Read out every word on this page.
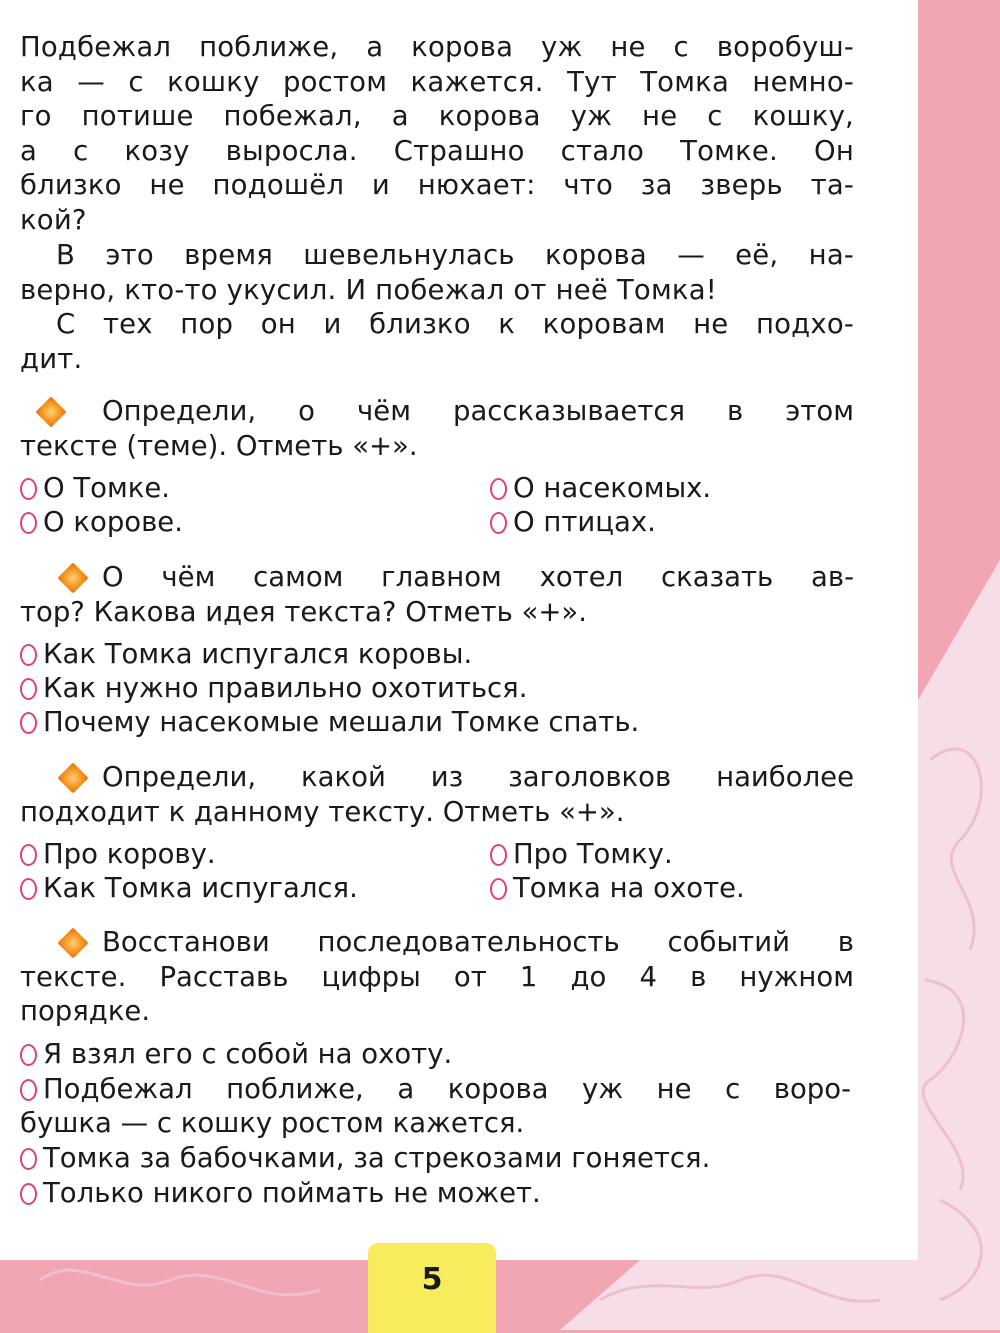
Подбежал поближе, а корова уж не с воробуш-
ка — с кошку ростом кажется. Тут Томка немно-
го потише побежал, а корова уж не с кошку,
а с козу выросла. Страшно стало Томке. Он
близко не подошёл и нюхает: что за зверь та-
кой?
В это время шевельнулась корова — её, на-
верно, кто-то укусил. И побежал от неё Томка!
С тех пор он и близко к коровам не подхо-
дит.
Определи, о чём рассказывается в этом
тексте (теме). Отметь «+».
О Томке.	О насекомых.
О корове.	О птицах.
О чём самом главном хотел сказать ав-
тор? Какова идея текста? Отметь «+».
Как Томка испугался коровы.
Как нужно правильно охотиться.
Почему насекомые мешали Томке спать.
Определи, какой из заголовков наиболее
подходит к данному тексту. Отметь «+».
Про корову.	Про Томку.
Как Томка испугался.	Томка на охоте.
Восстанови последовательность событий в
тексте. Расставь цифры от 1 до 4 в нужном
порядке.
Я взял его с собой на охоту.
Подбежал поближе, а корова уж не с воро-
бушка — с кошку ростом кажется.
Томка за бабочками, за стрекозами гоняется.
Только никого поймать не может.
5
